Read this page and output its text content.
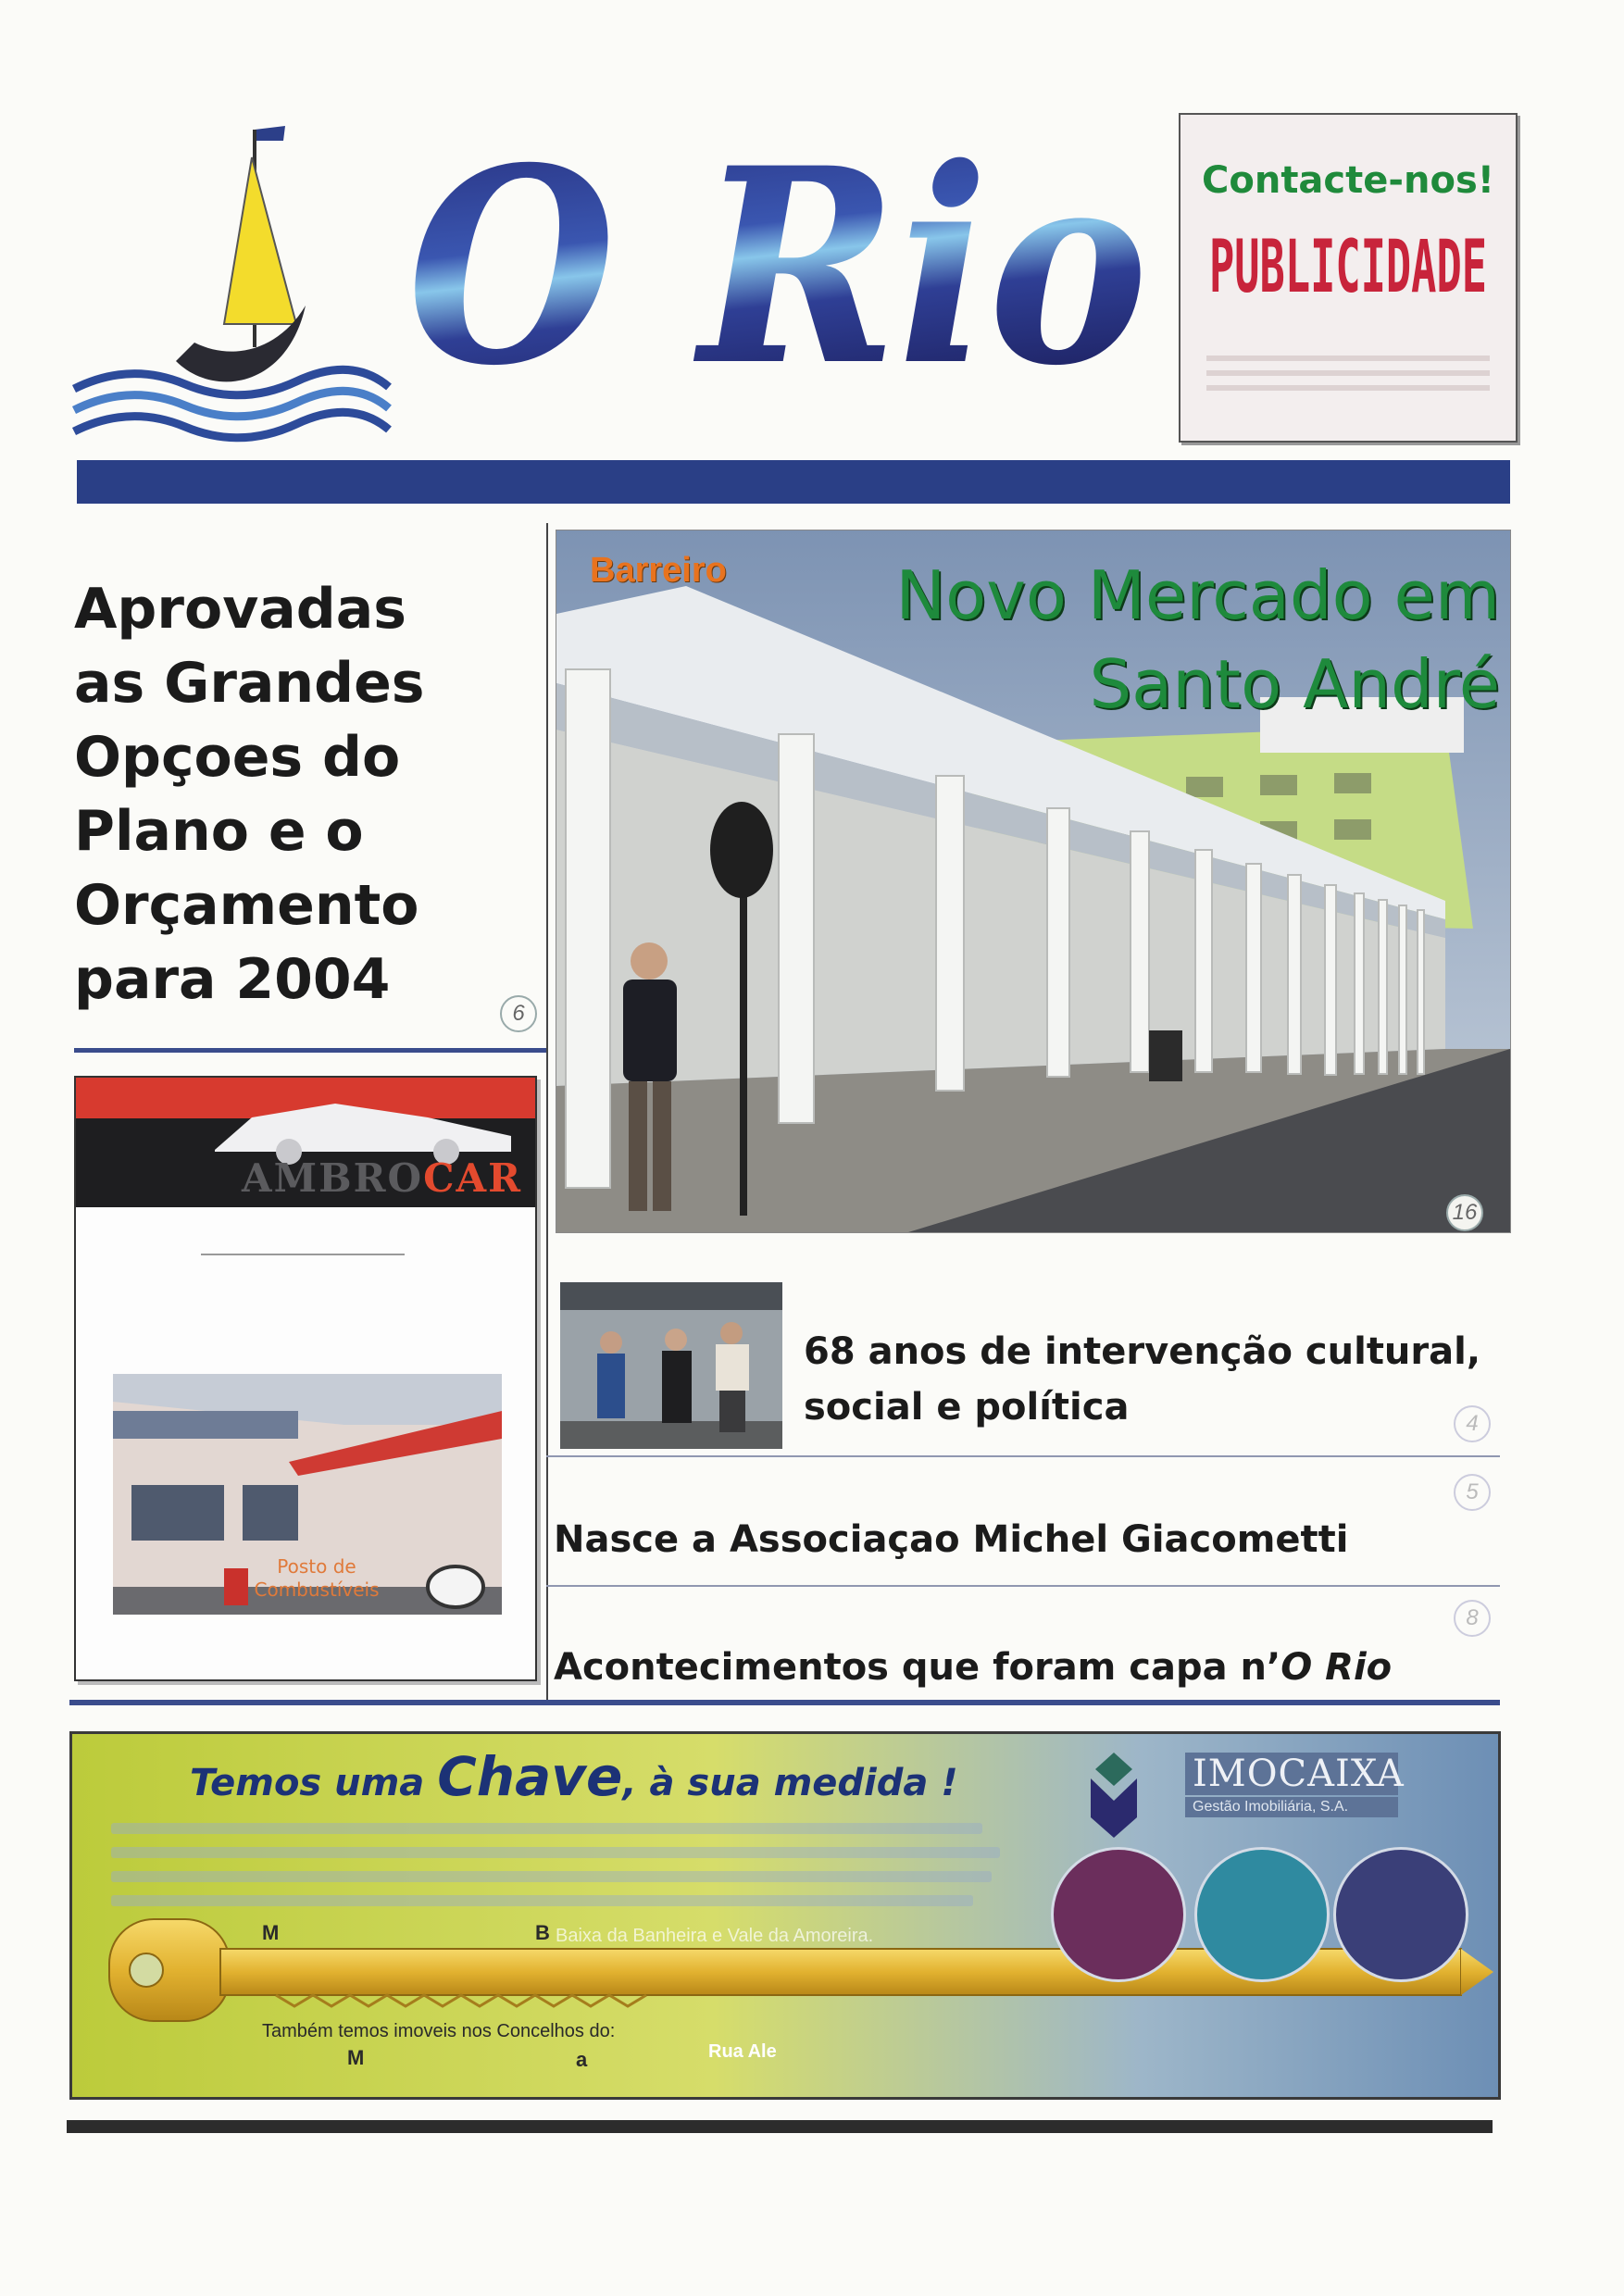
O Rio	Contacte-nos!
PUBLICIDADE
Aprovadas
as Grandes
Opçoes do
Plano e o
Orçamento
para 2004
6
Barreiro	Novo Mercado em
Santo André
16
AMBROCAR
Posto de
Combustíveis
68 anos de intervenção cultural,
social e política	4
5
Nasce a Associaçao Michel Giacometti
8
Acontecimentos que foram capa n’O Rio
Temos uma Chave, à sua medida !	IMOCAIXA
Gestão Imobiliária, S.A.
M	B Baixa da Banheira e Vale da Amoreira.
Também temos imoveis nos Concelhos do:
M	a	Rua Ale
